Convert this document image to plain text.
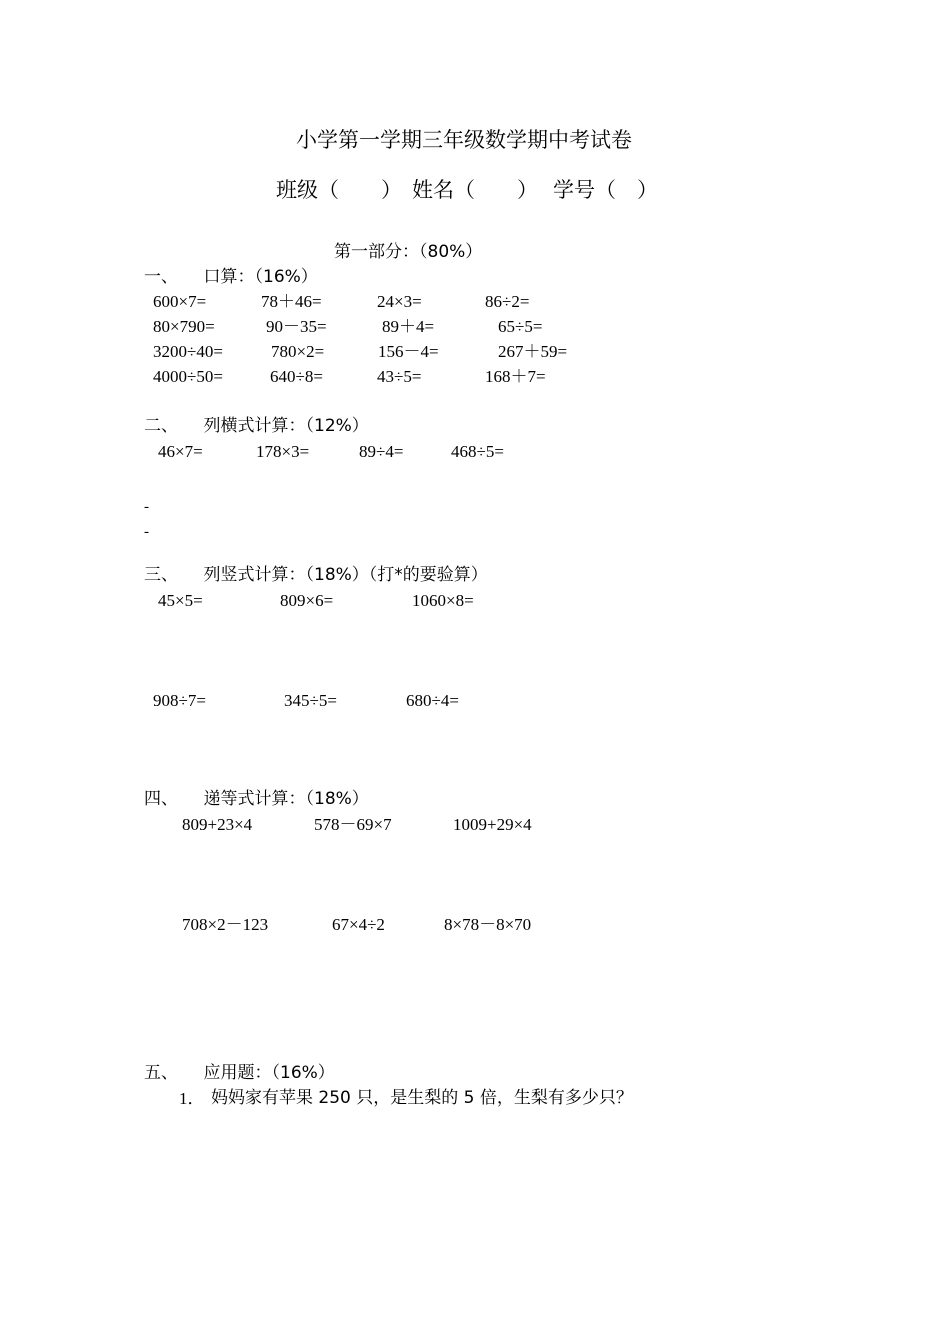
小学第一学期三年级数学期中考试卷
班级（　　） 姓名（　　） 学号（　）
第一部分：（80%）
一、　　口算：（16%）
600×7=	78＋46=	24×3=	86÷2=
80×790=	90－35=	89＋4=	65÷5=
3200÷40=	780×2=	156－4=	267＋59=
4000÷50=	640÷8=	43÷5=	168＋7=
二、　　列横式计算：（12%）
46×7=	178×3=	89÷4=	468÷5=
-
-
三、　　列竖式计算：（18%）（打*的要验算）
45×5=	809×6=	1060×8=
908÷7=	345÷5=	680÷4=
四、　　递等式计算：（18%）
809+23×4	578－69×7	1009+29×4
708×2－123	67×4÷2	8×78－8×70
五、　　应用题：（16%）
1． 妈妈家有苹果 250 只，是生梨的 5 倍，生梨有多少只？
